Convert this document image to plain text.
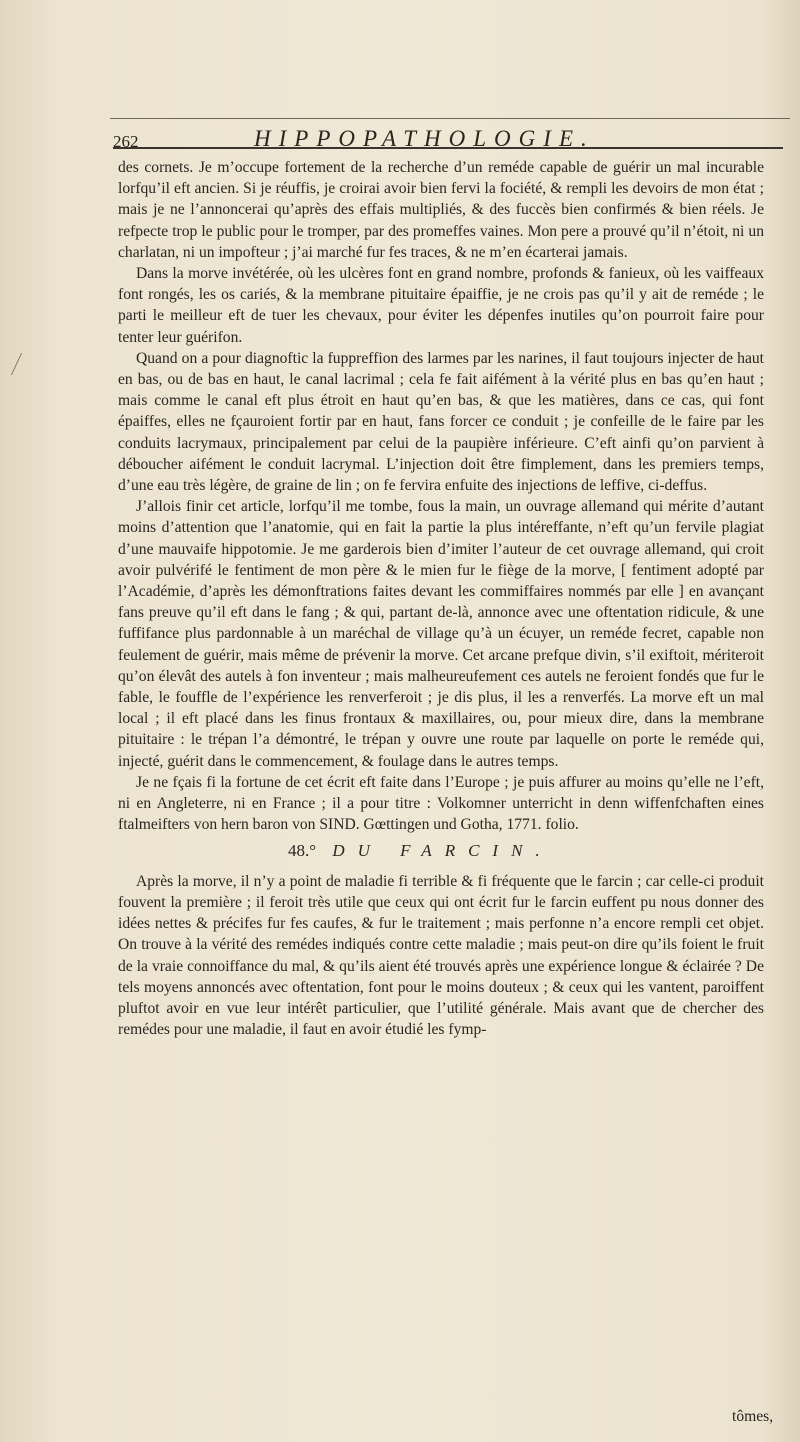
262	HIPPOPATHOLOGIE.

des cornets. Je m’occupe fortement de la recherche d’un reméde capable de guérir un mal incurable lorfqu’il eft ancien. Si je réuffis, je croirai avoir bien fervi la fociété, & rempli les devoirs de mon état ; mais je ne l’annoncerai qu’après des effais multipliés, & des fuccès bien confirmés & bien réels. Je refpecte trop le public pour le tromper, par des promeffes vaines. Mon pere a prouvé qu’il n’étoit, ni un charlatan, ni un impofteur ; j’ai marché fur fes traces, & ne m’en écarterai jamais.

Dans la morve invétérée, où les ulcères font en grand nombre, profonds & fanieux, où les vaiffeaux font rongés, les os cariés, & la membrane pituitaire épaiffie, je ne crois pas qu’il y ait de reméde ; le parti le meilleur eft de tuer les chevaux, pour éviter les dépenfes inutiles qu’on pourroit faire pour tenter leur guérifon.

Quand on a pour diagnoftic la fuppreffion des larmes par les narines, il faut toujours injecter de haut en bas, ou de bas en haut, le canal lacrimal ; cela fe fait aifément à la vérité plus en bas qu’en haut ; mais comme le canal eft plus étroit en haut qu’en bas, & que les matières, dans ce cas, qui font épaiffes, elles ne fçauroient fortir par en haut, fans forcer ce conduit ; je confeille de le faire par les conduits lacrymaux, principalement par celui de la paupière inférieure. C’eft ainfi qu’on parvient à déboucher aifément le conduit lacrymal. L’injection doit être fimplement, dans les premiers temps, d’une eau très légère, de graine de lin ; on fe fervira enfuite des injections de leffive, ci-deffus.

J’allois finir cet article, lorfqu’il me tombe, fous la main, un ouvrage allemand qui mérite d’autant moins d’attention que l’anatomie, qui en fait la partie la plus intéreffante, n’eft qu’un fervile plagiat d’une mauvaife hippotomie. Je me garderois bien d’imiter l’auteur de cet ouvrage allemand, qui croit avoir pulvérifé le fentiment de mon père & le mien fur le fiège de la morve, [ fentiment adopté par l’Académie, d’après les démonftrations faites devant les commiffaires nommés par elle ] en avançant fans preuve qu’il eft dans le fang ; & qui, partant de-là, annonce avec une oftentation ridicule, & une fuffifance plus pardonnable à un maréchal de village qu’à un écuyer, un reméde fecret, capable non feulement de guérir, mais même de prévenir la morve. Cet arcane prefque divin, s’il exiftoit, mériteroit qu’on élevât des autels à fon inventeur ; mais malheureufement ces autels ne feroient fondés que fur le fable, le fouffle de l’expérience les renverferoit ; je dis plus, il les a renverfés. La morve eft un mal local ; il eft placé dans les finus frontaux & maxillaires, ou, pour mieux dire, dans la membrane pituitaire : le trépan l’a démontré, le trépan y ouvre une route par laquelle on porte le reméde qui, injecté, guérit dans le commencement, & foulage dans le autres temps.

Je ne fçais fi la fortune de cet écrit eft faite dans l’Europe ; je puis affurer au moins qu’elle ne l’eft, ni en Angleterre, ni en France ; il a pour titre : Volkomner unterricht in denn wiffenfchaften eines ftalmeifters von hern baron von SIND. Gœttingen und Gotha, 1771. folio.

48.° DU FARCIN.

Après la morve, il n’y a point de maladie fi terrible & fi fréquente que le farcin ; car celle-ci produit fouvent la première ; il feroit très utile que ceux qui ont écrit fur le farcin euffent pu nous donner des idées nettes & précifes fur fes caufes, & fur le traitement ; mais perfonne n’a encore rempli cet objet. On trouve à la vérité des remédes indiqués contre cette maladie ; mais peut-on dire qu’ils foient le fruit de la vraie connoiffance du mal, & qu’ils aient été trouvés après une expérience longue & éclairée ? De tels moyens annoncés avec oftentation, font pour le moins douteux ; & ceux qui les vantent, paroiffent pluftot avoir en vue leur intérêt particulier, que l’utilité générale. Mais avant que de chercher des remédes pour une maladie, il faut en avoir étudié les fymp-

tômes,
